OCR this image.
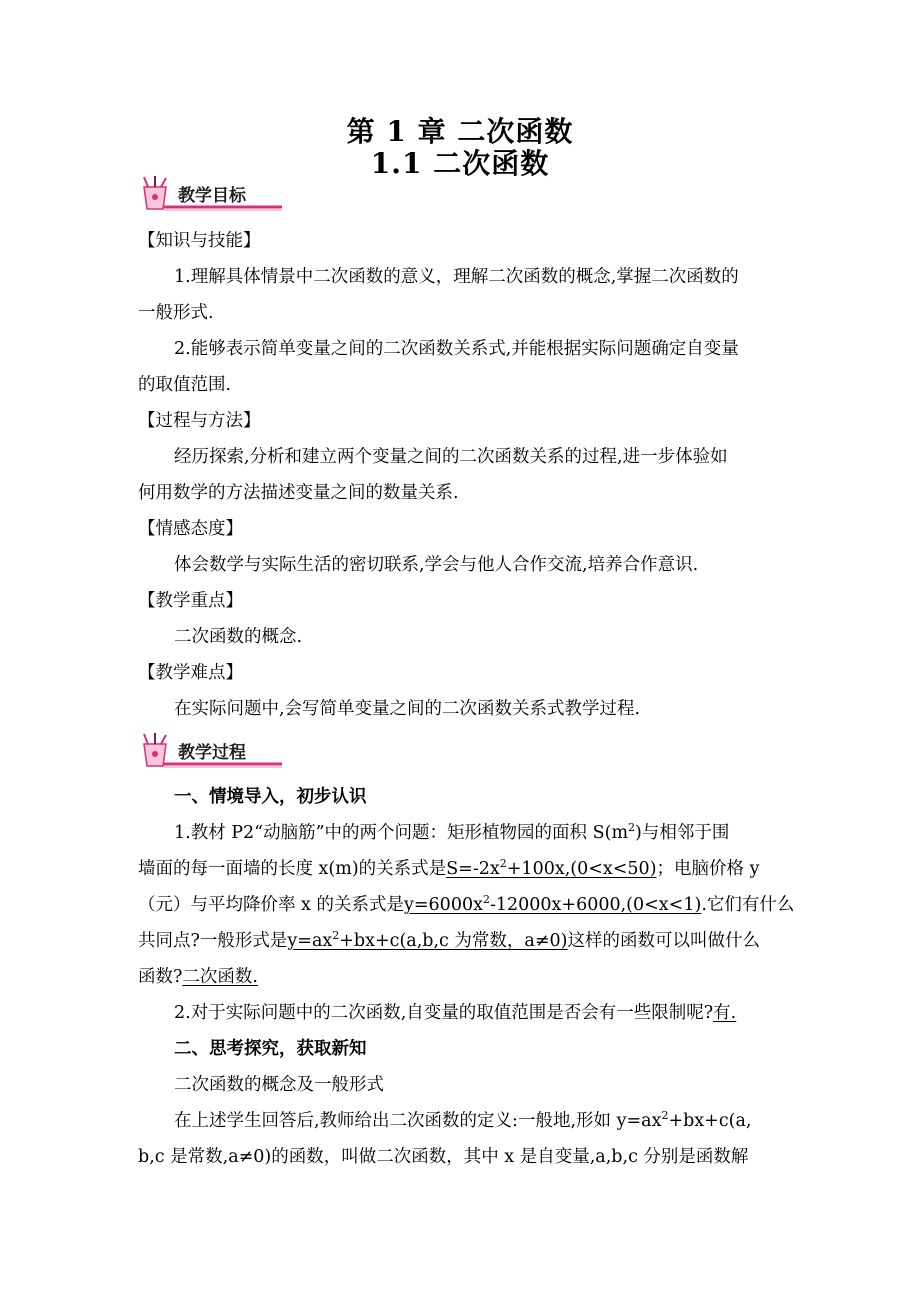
第 1 章 二次函数
1.1 二次函数
教学目标
【知识与技能】
1.理解具体情景中二次函数的意义，理解二次函数的概念,掌握二次函数的
一般形式.
2.能够表示简单变量之间的二次函数关系式,并能根据实际问题确定自变量
的取值范围.
【过程与方法】
经历探索,分析和建立两个变量之间的二次函数关系的过程,进一步体验如
何用数学的方法描述变量之间的数量关系.
【情感态度】
体会数学与实际生活的密切联系,学会与他人合作交流,培养合作意识.
【教学重点】
二次函数的概念.
【教学难点】
在实际问题中,会写简单变量之间的二次函数关系式教学过程.
教学过程
一、情境导入，初步认识
1.教材 P2“动脑筋”中的两个问题：矩形植物园的面积 $S(m^2)$与相邻于围
墙面的每一面墙的长度 x(m)的关系式是$S=-2x^2+100x,(0<x<50)$；电脑价格 y
（元）与平均降价率 x 的关系式是$y=6000x^2-12000x+6000,(0<x<1)$.它们有什么
共同点?一般形式是$y=ax^2+bx+c(a,b,c$ 为常数，a≠0)这样的函数可以叫做什么
函数?二次函数.
2.对于实际问题中的二次函数,自变量的取值范围是否会有一些限制呢?有.
二、思考探究，获取新知
二次函数的概念及一般形式
在上述学生回答后,教师给出二次函数的定义:一般地,形如 $y=ax^2+bx+c(a$,
b,c 是常数,a≠0)的函数，叫做二次函数，其中 x 是自变量,a,b,c 分别是函数解
